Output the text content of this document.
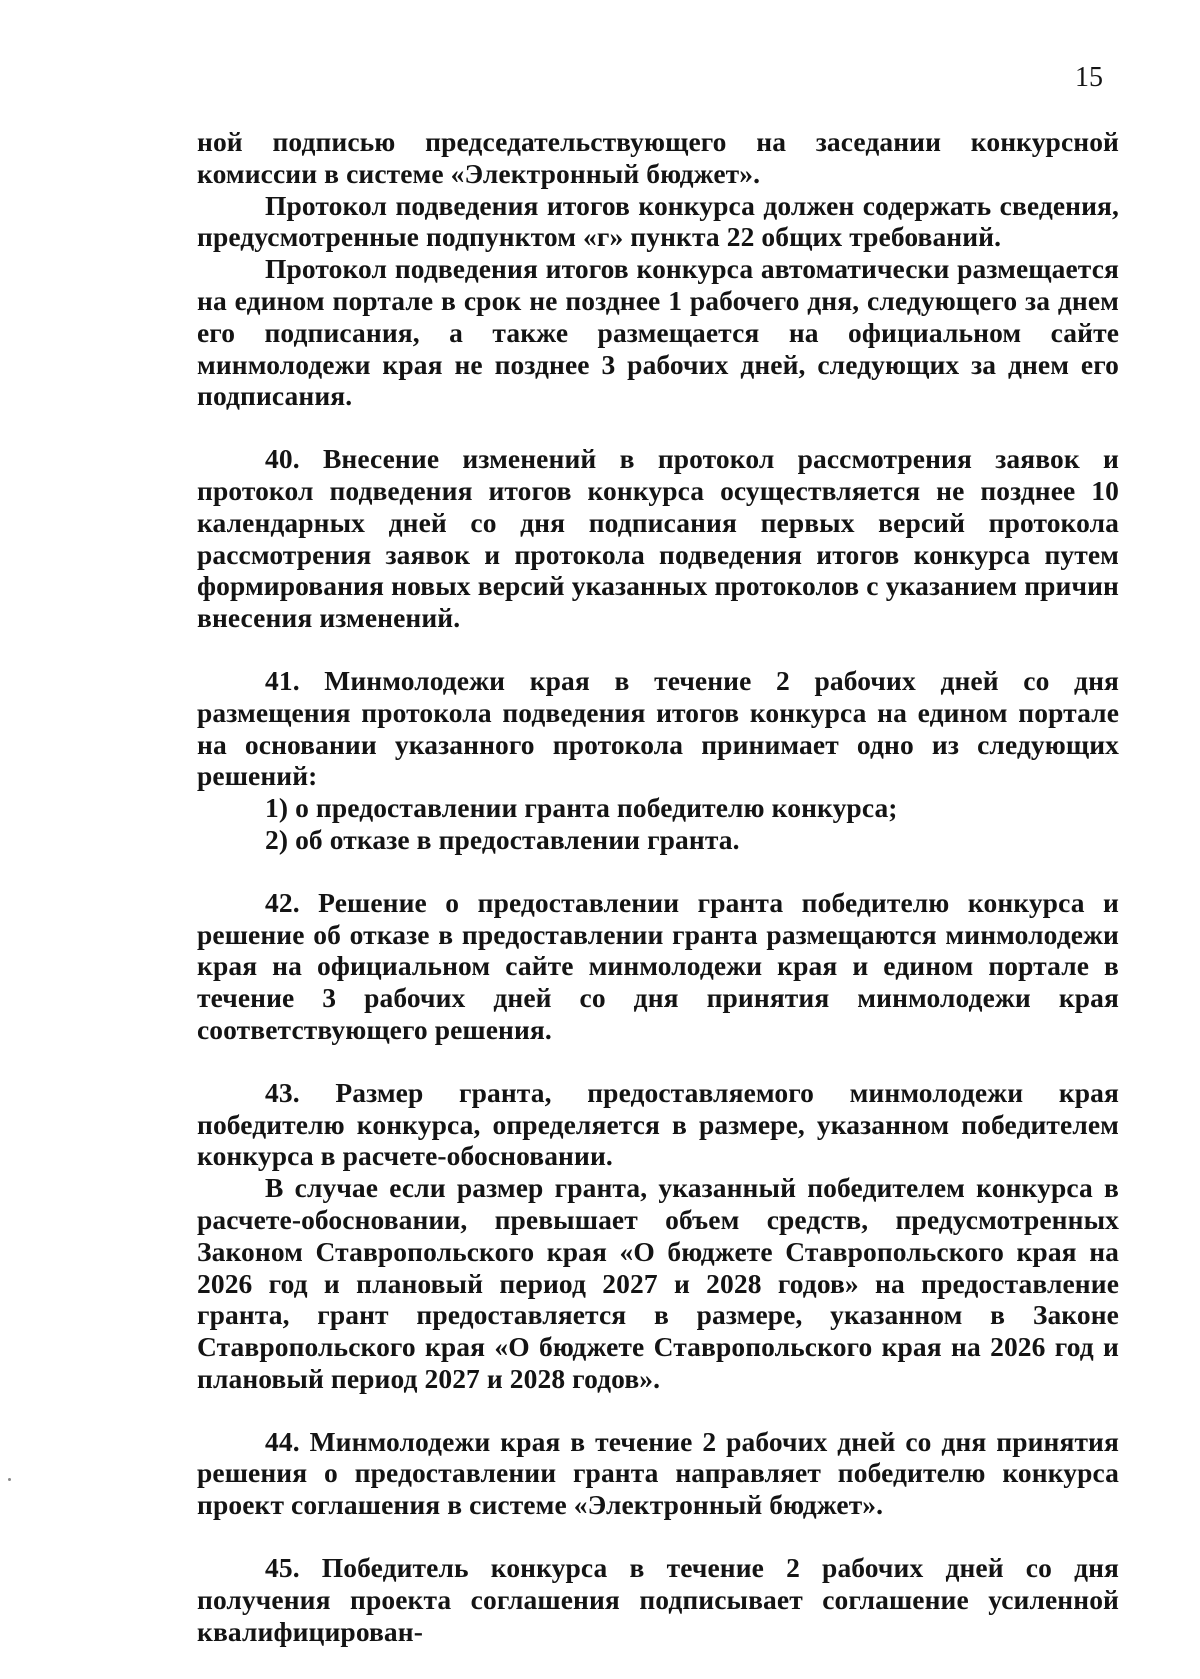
15

ной подписью председательствующего на заседании конкурсной комиссии в системе «Электронный бюджет».

Протокол подведения итогов конкурса должен содержать сведения, предусмотренные подпунктом «г» пункта 22 общих требований.

Протокол подведения итогов конкурса автоматически размещается на едином портале в срок не позднее 1 рабочего дня, следующего за днем его подписания, а также размещается на официальном сайте минмолодежи края не позднее 3 рабочих дней, следующих за днем его подписания.

40. Внесение изменений в протокол рассмотрения заявок и протокол подведения итогов конкурса осуществляется не позднее 10 календарных дней со дня подписания первых версий протокола рассмотрения заявок и протокола подведения итогов конкурса путем формирования новых версий указанных протоколов с указанием причин внесения изменений.

41. Минмолодежи края в течение 2 рабочих дней со дня размещения протокола подведения итогов конкурса на едином портале на основании указанного протокола принимает одно из следующих решений:

1) о предоставлении гранта победителю конкурса;

2) об отказе в предоставлении гранта.

42. Решение о предоставлении гранта победителю конкурса и решение об отказе в предоставлении гранта размещаются минмолодежи края на официальном сайте минмолодежи края и едином портале в течение 3 рабочих дней со дня принятия минмолодежи края соответствующего решения.

43. Размер гранта, предоставляемого минмолодежи края победителю конкурса, определяется в размере, указанном победителем конкурса в расчете-обосновании.

В случае если размер гранта, указанный победителем конкурса в расчете-обосновании, превышает объем средств, предусмотренных Законом Ставропольского края «О бюджете Ставропольского края на 2026 год и плановый период 2027 и 2028 годов» на предоставление гранта, грант предоставляется в размере, указанном в Законе Ставропольского края «О бюджете Ставропольского края на 2026 год и плановый период 2027 и 2028 годов».

44. Минмолодежи края в течение 2 рабочих дней со дня принятия решения о предоставлении гранта направляет победителю конкурса проект соглашения в системе «Электронный бюджет».

45. Победитель конкурса в течение 2 рабочих дней со дня получения проекта соглашения подписывает соглашение усиленной квалифицирован-
